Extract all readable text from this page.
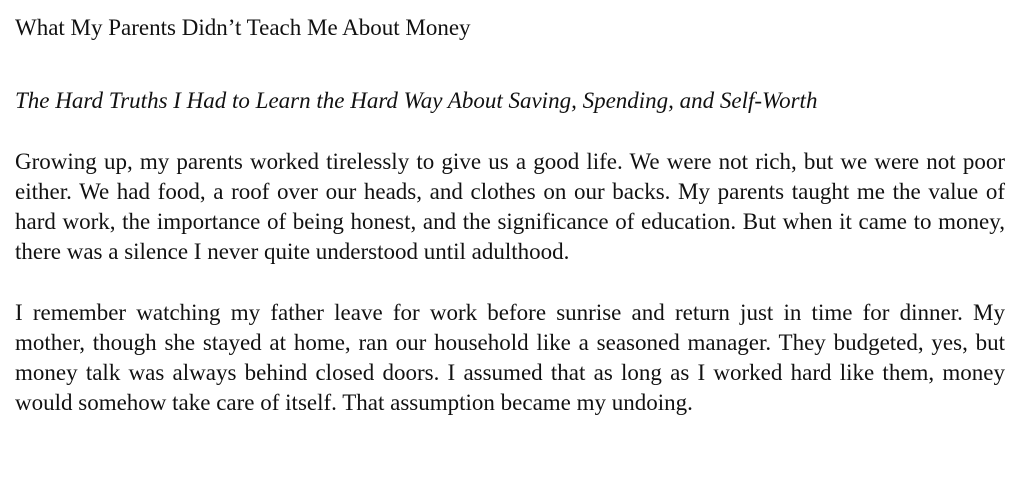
What My Parents Didn’t Teach Me About Money
The Hard Truths I Had to Learn the Hard Way About Saving, Spending, and Self-Worth

Growing up, my parents worked tirelessly to give us a good life. We were not rich, but we were not poor either. We had food, a roof over our heads, and clothes on our backs. My parents taught me the value of hard work, the importance of being honest, and the significance of education. But when it came to money, there was a silence I never quite understood until adulthood.

I remember watching my father leave for work before sunrise and return just in time for dinner. My mother, though she stayed at home, ran our household like a seasoned manager. They budgeted, yes, but money talk was always behind closed doors. I assumed that as long as I worked hard like them, money would somehow take care of itself. That assumption became my undoing.
